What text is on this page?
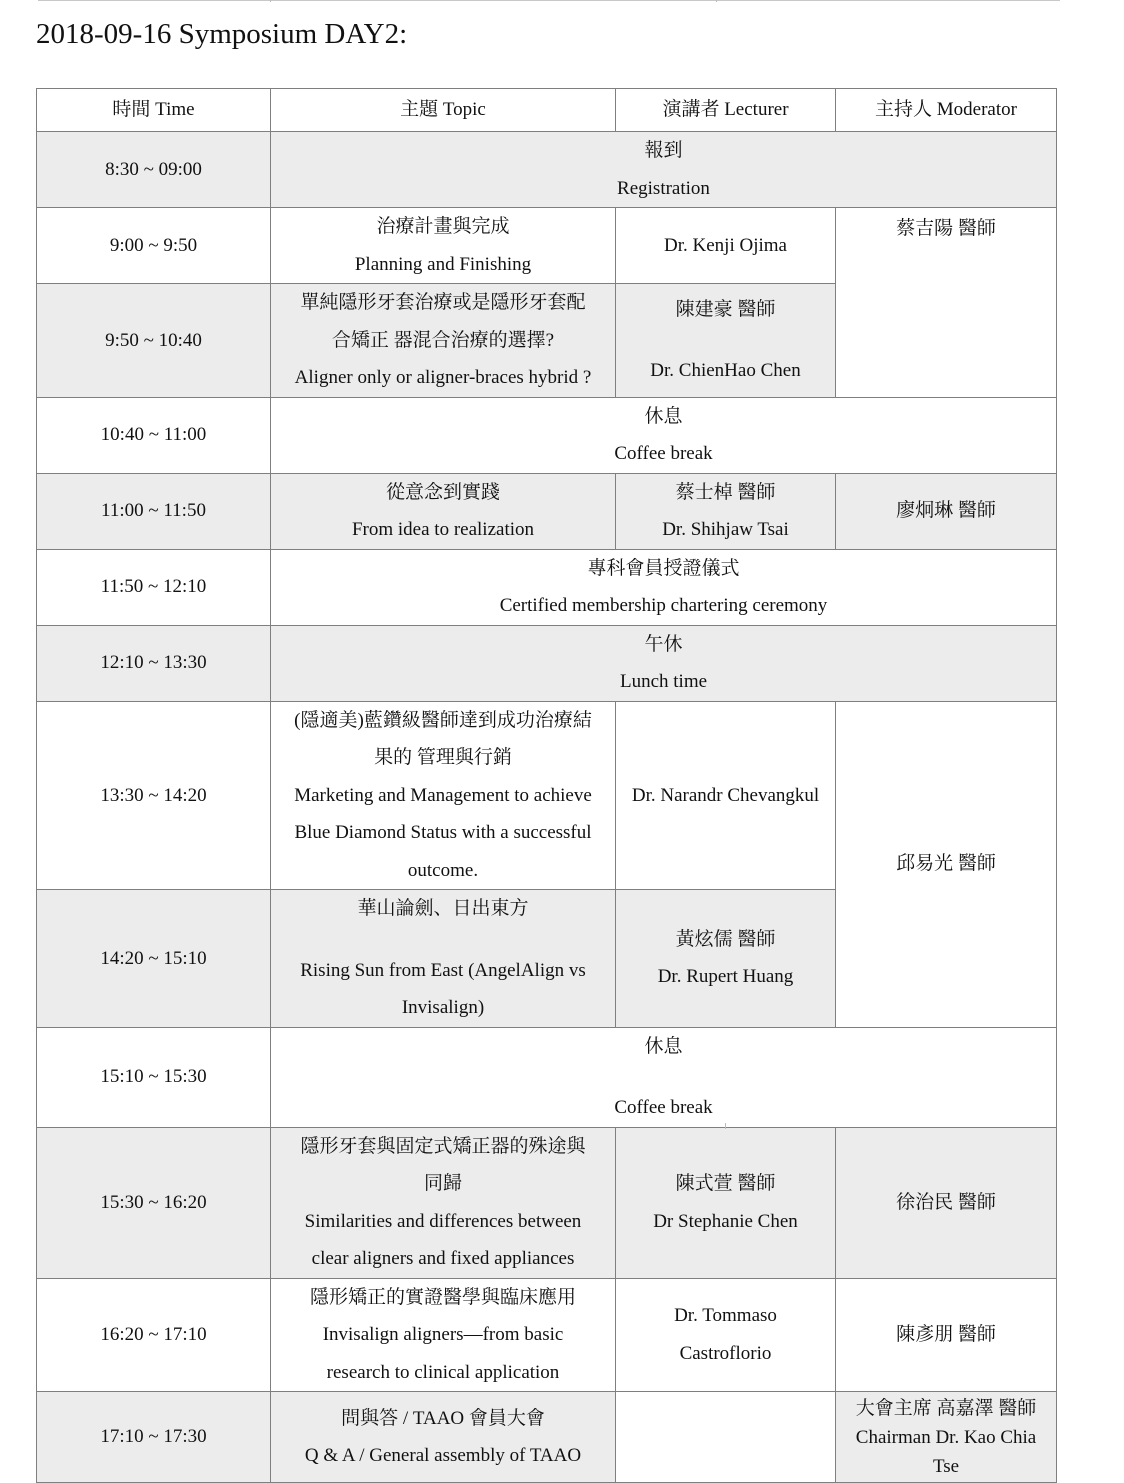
2018-09-16 Symposium DAY2:
時間 Time	主題 Topic	演講者 Lecturer	主持人 Moderator
8:30 ~ 09:00	報到
Registration		

9:00 ~ 9:50	治療計畫與完成
Planning and Finishing	Dr. Kenji Ojima	蔡吉陽 醫師

9:50 ~ 10:40	單純隱形牙套治療或是隱形牙套配
合矯正 器混合治療的選擇?
Aligner only or aligner-braces hybrid ?	陳建豪 醫師
Dr. ChienHao Chen	

10:40 ~ 11:00	休息
Coffee break		

11:00 ~ 11:50	從意念到實踐
From idea to realization	蔡士棹 醫師
Dr. Shihjaw Tsai	廖炯琳 醫師
11:50 ~ 12:10	專科會員授證儀式
Certified membership chartering ceremony		

12:10 ~ 13:30	午休
Lunch time		

13:30 ~ 14:20	(隱適美)藍鑽級醫師達到成功治療結
果的 管理與行銷
Marketing and Management to achieve
Blue Diamond Status with a successful
outcome.	Dr. Narandr Chevangkul	邱易光 醫師

14:20 ~ 15:10	華山論劍、日出東方
Rising Sun from East (AngelAlign vs
Invisalign)	黃炫儒 醫師
Dr. Rupert Huang	

15:10 ~ 15:30	休息
Coffee break		

15:30 ~ 16:20	隱形牙套與固定式矯正器的殊途與
同歸
Similarities and differences between
clear aligners and fixed appliances	陳式萱 醫師
Dr Stephanie Chen	徐治民 醫師
16:20 ~ 17:10	隱形矯正的實證醫學與臨床應用
Invisalign aligners—from basic
research to clinical application	Dr. Tommaso
Castroflorio	陳彥朋 醫師
17:10 ~ 17:30	問與答 / TAAO 會員大會
Q & A / General assembly of TAAO		大會主席 高嘉澤 醫師
Chairman Dr. Kao Chia
Tse
